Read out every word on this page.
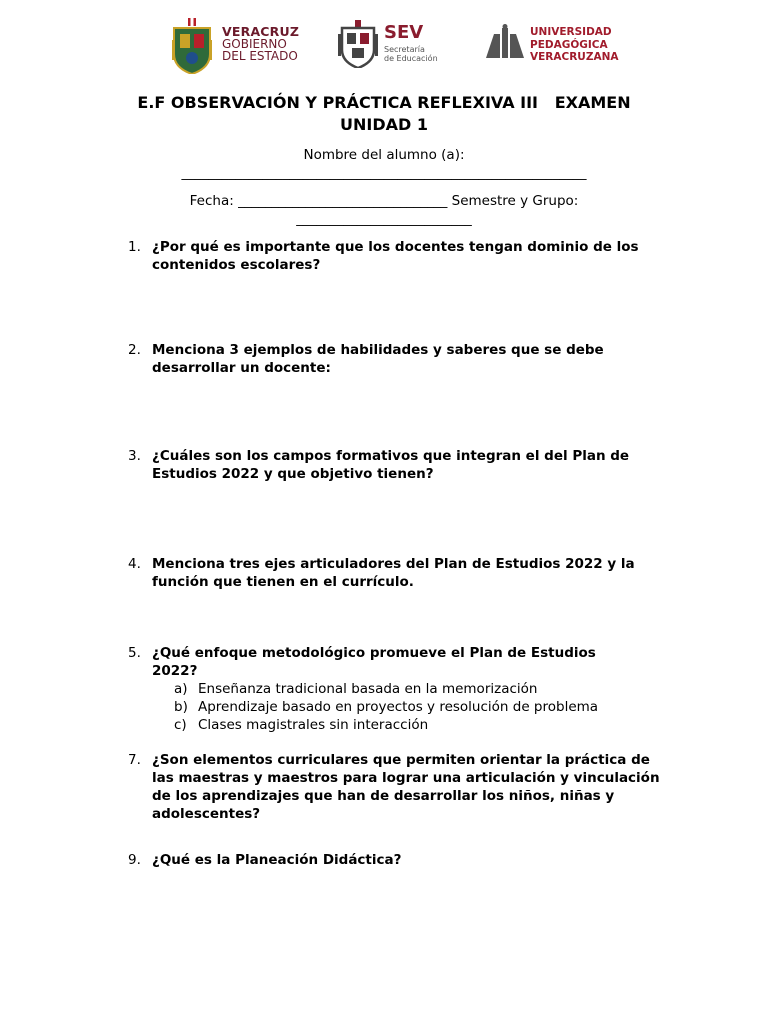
VERACRUZ
GOBIERNO
DEL ESTADO
SEV
Secretaría
de Educación
UNIVERSIDAD
PEDAGÓGICA
VERACRUZANA
E.F OBSERVACIÓN Y PRÁCTICA REFLEXIVA III   EXAMEN
UNIDAD 1
Nombre del alumno (a):
____________________________________________________________
Fecha: _______________________________ Semestre y Grupo:
__________________________
1. ¿Por qué es importante que los docentes tengan dominio de los contenidos escolares?
2. Menciona 3 ejemplos de habilidades y saberes que se debe desarrollar un docente:
3. ¿Cuáles son los campos formativos que integran el del Plan de Estudios 2022 y que objetivo tienen?
4. Menciona tres ejes articuladores del Plan de Estudios 2022 y la función que tienen en el currículo.
5. ¿Qué enfoque metodológico promueve el Plan de Estudios 2022?
a) Enseñanza tradicional basada en la memorización
b) Aprendizaje basado en proyectos y resolución de problema
c) Clases magistrales sin interacción
7. ¿Son elementos curriculares que permiten orientar la práctica de las maestras y maestros para lograr una articulación y vinculación de los aprendizajes que han de desarrollar los niños, niñas y adolescentes?
9. ¿Qué es la Planeación Didáctica?
